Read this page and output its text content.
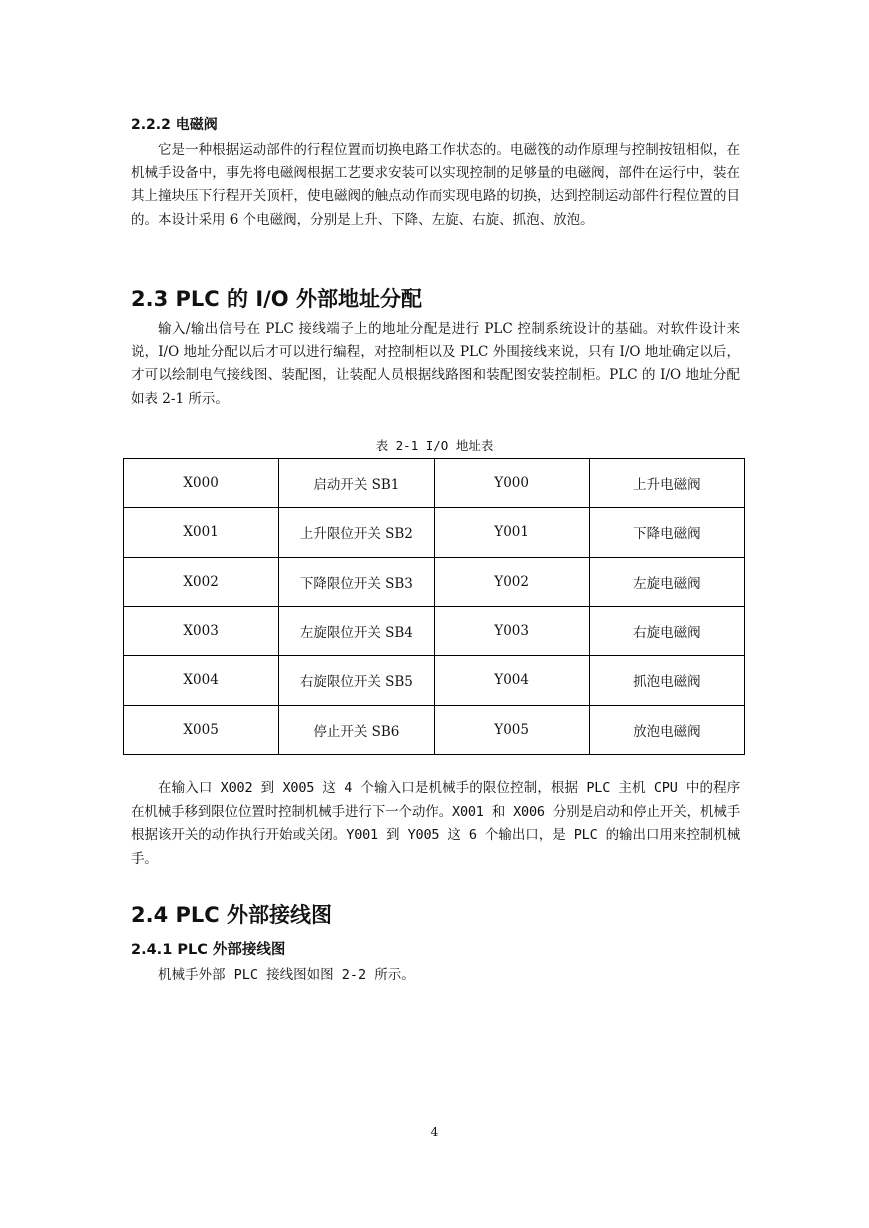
2.2.2 电磁阀

它是一种根据运动部件的行程位置而切换电路工作状态的。电磁筏的动作原理与控制按钮相似，在机械手设备中，事先将电磁阀根据工艺要求安装可以实现控制的足够量的电磁阀，部件在运行中，装在其上撞块压下行程开关顶杆，使电磁阀的触点动作而实现电路的切换，达到控制运动部件行程位置的目的。本设计采用 6 个电磁阀，分别是上升、下降、左旋、右旋、抓泡、放泡。

2.3 PLC 的 I/O 外部地址分配

输入/输出信号在 PLC 接线端子上的地址分配是进行 PLC 控制系统设计的基础。对软件设计来说，I/O 地址分配以后才可以进行编程，对控制柜以及 PLC 外围接线来说，只有 I/O 地址确定以后，才可以绘制电气接线图、装配图，让装配人员根据线路图和装配图安装控制柜。PLC 的 I/O 地址分配如表 2-1 所示。

表 2-1 I/O 地址表
X000	启动开关 SB1	Y000	上升电磁阀
X001	上升限位开关 SB2	Y001	下降电磁阀
X002	下降限位开关 SB3	Y002	左旋电磁阀
X003	左旋限位开关 SB4	Y003	右旋电磁阀
X004	右旋限位开关 SB5	Y004	抓泡电磁阀
X005	停止开关 SB6	Y005	放泡电磁阀

在输入口 X002 到 X005 这 4 个输入口是机械手的限位控制，根据 PLC 主机 CPU 中的程序在机械手移到限位位置时控制机械手进行下一个动作。X001 和 X006 分别是启动和停止开关，机械手根据该开关的动作执行开始或关闭。Y001 到 Y005 这 6 个输出口，是 PLC 的输出口用来控制机械手。

2.4 PLC 外部接线图
2.4.1 PLC 外部接线图

机械手外部 PLC 接线图如图 2-2 所示。

4
